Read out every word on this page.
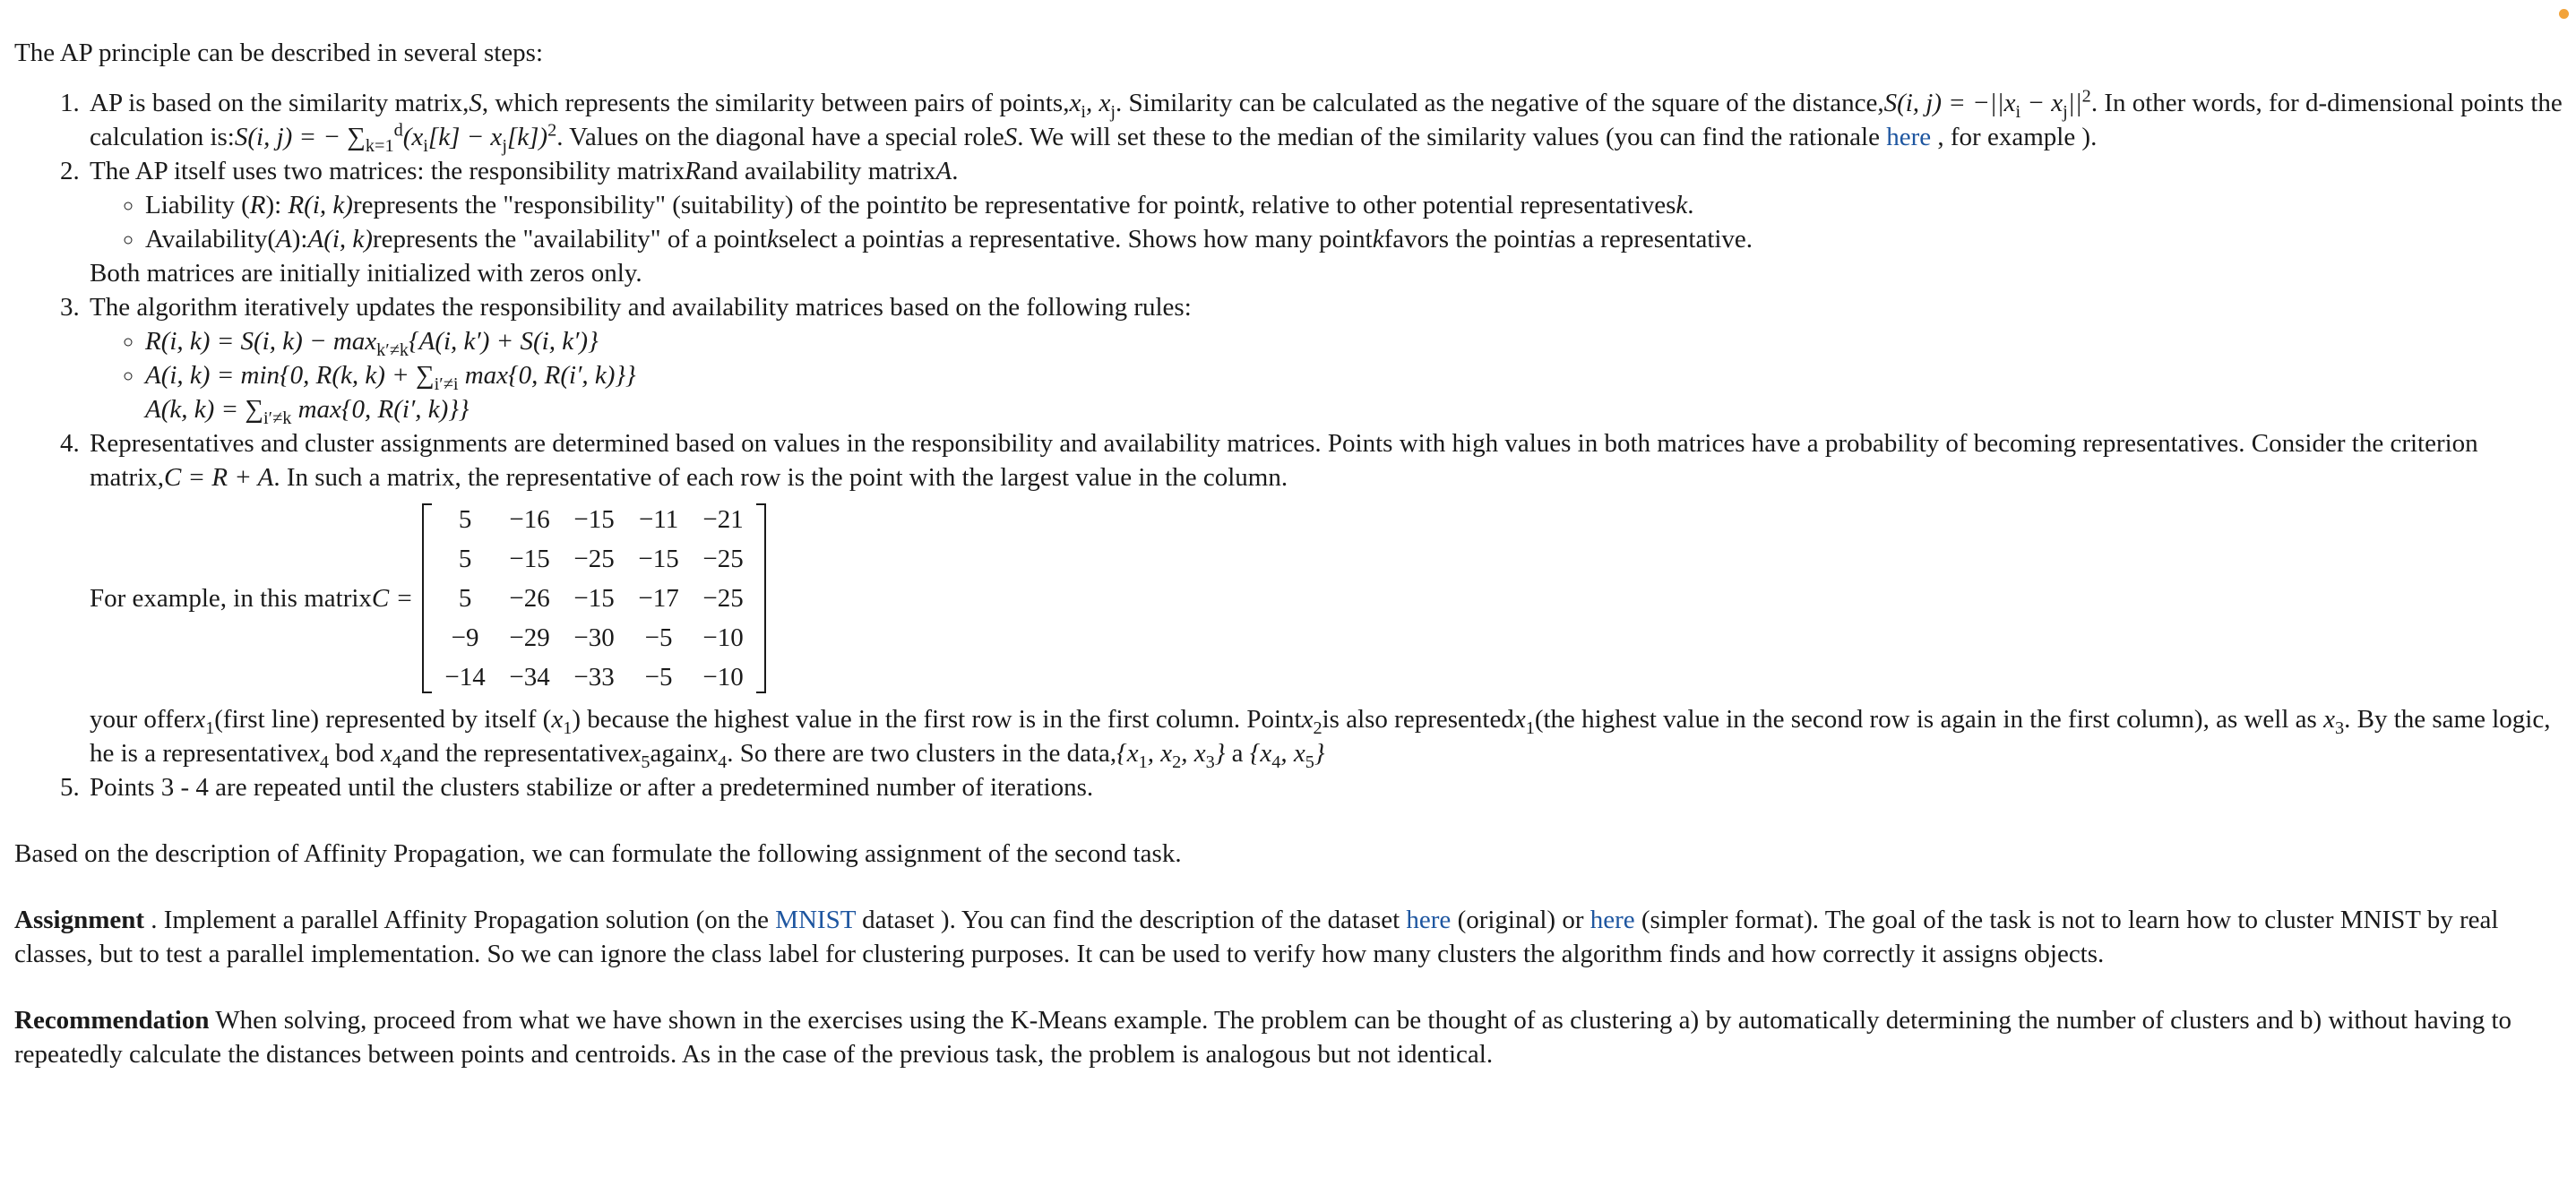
The AP principle can be described in several steps:

1. AP is based on the similarity matrix,S, which represents the similarity between pairs of $points,x_i$, $x_j$. Similarity can be calculated as the negative of the square of the distance,S(i, $j) = -||x_i - x_j||^2$. In other words, for d-dimensional points the calculation is:S(i, j) = − $\sum_{k=1}^d(x_i[k] - x_j[k])^2$. Values on the diagonal have a special roleS. We will set these to the median of the similarity values (you can find the rationale here , for example ).
2. The AP itself uses two matrices: the responsibility matrixRand availability matrixA.
◦ Liability (R): R(i, k)represents the "responsibility" (suitability) of the pointito be representative for pointk, relative to other potential representativesk.
◦ Availability(A):A(i, k)represents the "availability" of a pointkselect a pointias a representative. Shows how many pointkfavors the pointias a representative.
Both matrices are initially initialized with zeros only.
3. The algorithm iteratively updates the responsibility and availability matrices based on the following rules:
◦ R(i, k) = S(i, $k) - \max_{k'\ne k}\{A(i$, k′) + S(i, k′)}
◦ A(i, k) = min{0, R(k, $k) + \sum_{i'\ne i}$ max{0, R(i′, k)}}
A(k, $k) = \sum_{i'\ne k}$ max{0, R(i′, k)}}
4. Representatives and cluster assignments are determined based on values in the responsibility and availability matrices. Points with high values in both matrices have a probability of becoming representatives. Consider the criterion matrix,C = R + A. In such a matrix, the representative of each row is the point with the largest value in the column.
For example, in this matrixC =
5	−16	−15	−11	−21
5	−15	−25	−15	−25
5	−26	−15	−17	−25
−9	−29	−30	−5	−10
−14	−34	−33	−5	−10
your offerx$_1$(first line) represented by itself $(x_1)$ because the highest value in the first row is in the first column. Pointx$_2$is also representedx$_1$(the highest value in the second row is again in the first column), as well as $x_3$. By the same logic, he is a representativex$_4$ bod $x_4and$ the representativex$_5$againx$_4$. So there are two clusters in the $data,\{x_1$, $x_2$, $x_3$} a {$x_4$, $x_5$}
5. Points 3 - 4 are repeated until the clusters stabilize or after a predetermined number of iterations.

Based on the description of Affinity Propagation, we can formulate the following assignment of the second task.

Assignment . Implement a parallel Affinity Propagation solution (on the MNIST dataset ). You can find the description of the dataset here (original) or here (simpler format). The goal of the task is not to learn how to cluster MNIST by real classes, but to test a parallel implementation. So we can ignore the class label for clustering purposes. It can be used to verify how many clusters the algorithm finds and how correctly it assigns objects.

Recommendation When solving, proceed from what we have shown in the exercises using the K-Means example. The problem can be thought of as clustering a) by automatically determining the number of clusters and b) without having to repeatedly calculate the distances between points and centroids. As in the case of the previous task, the problem is analogous but not identical.
